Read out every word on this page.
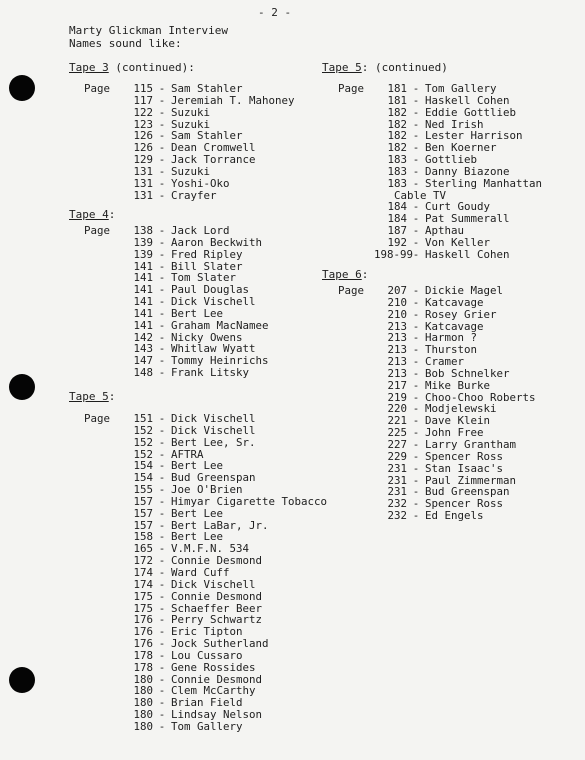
- 2 -
Marty Glickman Interview
Names sound like:
Tape 3 (continued):
Page	115 - Sam Stahler
117 - Jeremiah T. Mahoney
122 - Suzuki
123 - Suzuki
126 - Sam Stahler
126 - Dean Cromwell
129 - Jack Torrance
131 - Suzuki
131 - Yoshi-Oko
131 - Crayfer
Tape 4:
Page	138 - Jack Lord
139 - Aaron Beckwith
139 - Fred Ripley
141 - Bill Slater
141 - Tom Slater
141 - Paul Douglas
141 - Dick Vischell
141 - Bert Lee
141 - Graham MacNamee
142 - Nicky Owens
143 - Whitlaw Wyatt
147 - Tommy Heinrichs
148 - Frank Litsky
Tape 5:
Page	151 - Dick Vischell
152 - Dick Vischell
152 - Bert Lee, Sr.
152 - AFTRA
154 - Bert Lee
154 - Bud Greenspan
155 - Joe O'Brien
157 - Himyar Cigarette Tobacco
157 - Bert Lee
157 - Bert LaBar, Jr.
158 - Bert Lee
165 - V.M.F.N. 534
172 - Connie Desmond
174 - Ward Cuff
174 - Dick Vischell
175 - Connie Desmond
175 - Schaeffer Beer
176 - Perry Schwartz
176 - Eric Tipton
176 - Jock Sutherland
178 - Lou Cussaro
178 - Gene Rossides
180 - Connie Desmond
180 - Clem McCarthy
180 - Brian Field
180 - Lindsay Nelson
180 - Tom Gallery
Tape 5: (continued)
Page	181 - Tom Gallery
181 - Haskell Cohen
182 - Eddie Gottlieb
182 - Ned Irish
182 - Lester Harrison
182 - Ben Koerner
183 - Gottlieb
183 - Danny Biazone
183 - Sterling Manhattan
Cable TV
184 - Curt Goudy
184 - Pat Summerall
187 - Apthau
192 - Von Keller
198-99 - Haskell Cohen
Tape 6:
Page	207 - Dickie Magel
210 - Katcavage
210 - Rosey Grier
213 - Katcavage
213 - Harmon ?
213 - Thurston
213 - Cramer
213 - Bob Schnelker
217 - Mike Burke
219 - Choo-Choo Roberts
220 - Modjelewski
221 - Dave Klein
225 - John Free
227 - Larry Grantham
229 - Spencer Ross
231 - Stan Isaac's
231 - Paul Zimmerman
231 - Bud Greenspan
232 - Spencer Ross
232 - Ed Engels
